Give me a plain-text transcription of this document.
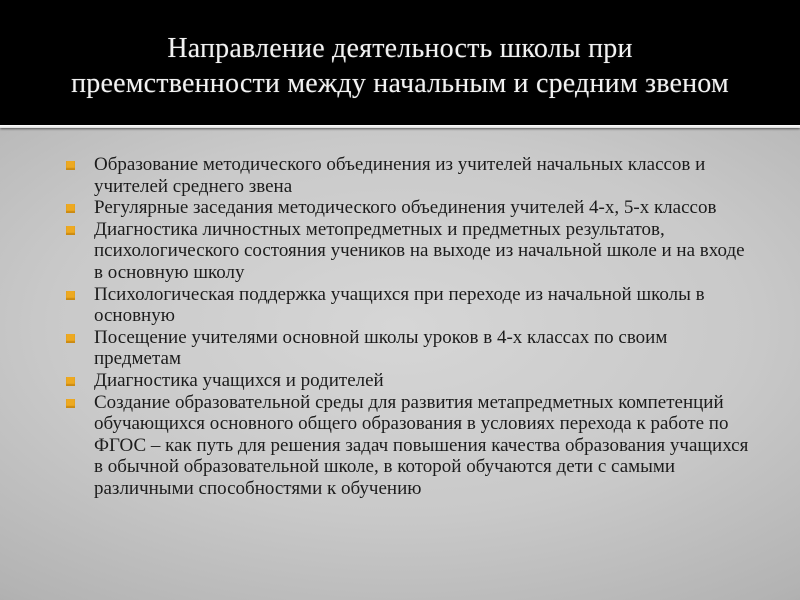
Направление деятельность школы при
преемственности между начальным и средним звеном
Образование методического объединения из учителей начальных классов и учителей среднего звена
Регулярные заседания методического объединения учителей 4-х, 5-х классов
Диагностика личностных метопредметных и предметных результатов, психологического состояния учеников на выходе из начальной школе и на входе в основную школу
Психологическая поддержка учащихся при переходе из начальной школы в основную
Посещение учителями основной школы уроков в 4-х классах по своим предметам
Диагностика учащихся и родителей
Создание образовательной среды для развития метапредметных компетенций обучающихся основного общего образования в условиях перехода к работе по ФГОС – как путь для решения задач повышения качества образования учащихся в обычной образовательной школе, в которой обучаются дети с самыми различными способностями к обучению
